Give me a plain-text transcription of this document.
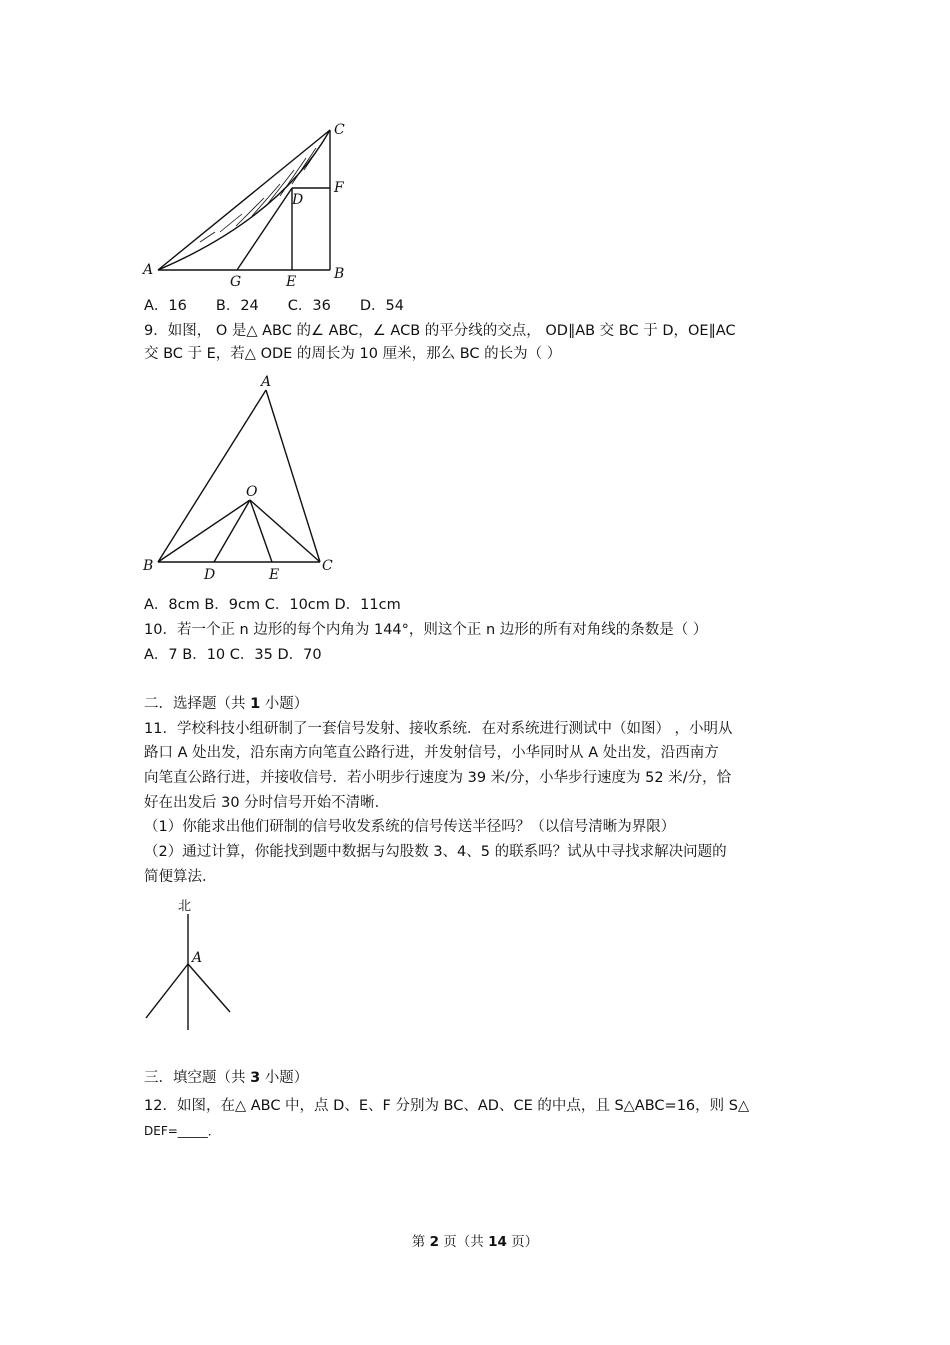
C
F
D
A
G	E	B
A．16　　B．24　　C．36　　D．54
9．如图， O 是△ ABC 的∠ ABC，∠ ACB 的平分线的交点， OD∥AB 交 BC 于 D，OE∥AC
交 BC 于 E，若△ ODE 的周长为 10 厘米，那么 BC 的长为（ ）
A
O
B	C
D	E
A．8cm B．9cm C．10cm D．11cm
10．若一个正 n 边形的每个内角为 144°，则这个正 n 边形的所有对角线的条数是（ ）
A．7 B．10 C．35 D．70
二．选择题（共 1 小题）
11．学校科技小组研制了一套信号发射、接收系统．在对系统进行测试中（如图） ，小明从
路口 A 处出发，沿东南方向笔直公路行进，并发射信号，小华同时从 A 处出发，沿西南方
向笔直公路行进，并接收信号．若小明步行速度为 39 米/分，小华步行速度为 52 米/分，恰
好在出发后 30 分时信号开始不清晰．
（1）你能求出他们研制的信号收发系统的信号传送半径吗？（以信号清晰为界限）
（2）通过计算，你能找到题中数据与勾股数 3、4、5 的联系吗？试从中寻找求解决问题的
简便算法．
北
A
三．填空题（共 3 小题）
12．如图，在△ ABC 中，点 D、E、F 分别为 BC、AD、CE 的中点，且 S△ABC=16，则 S△
DEF=_____．
第 2 页（共 14 页）
